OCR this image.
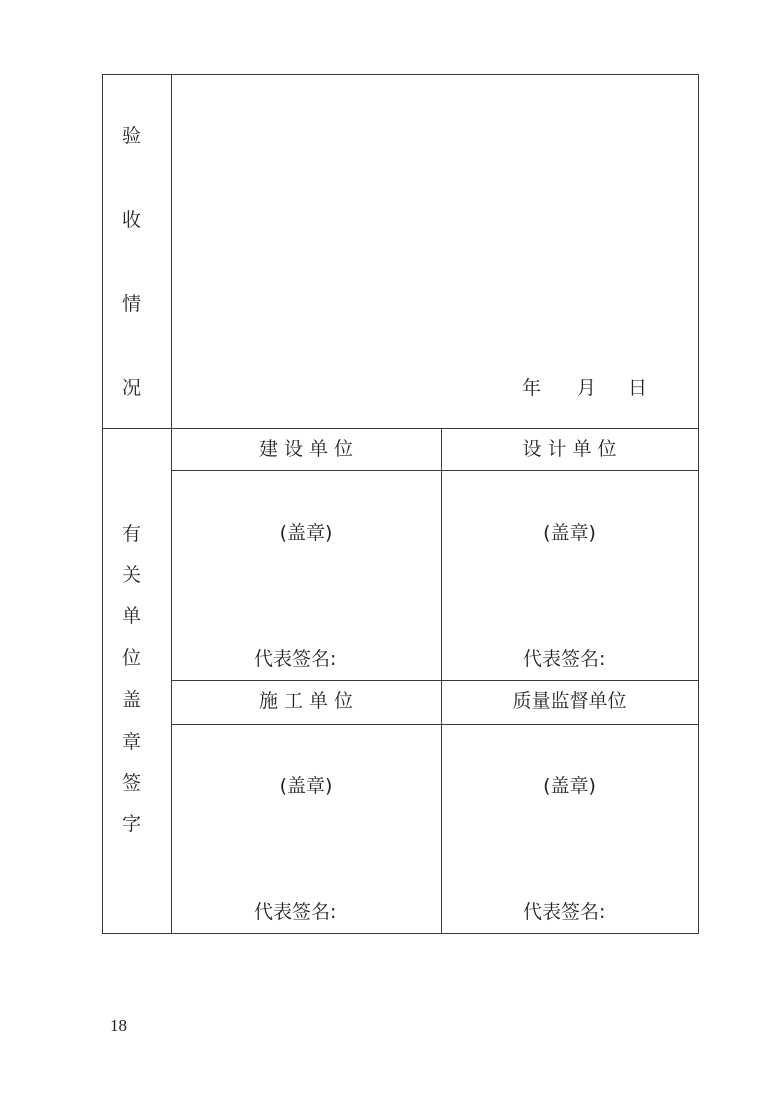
验
收
情
况	年 月 日
有
关
单
位
盖
章
签
字
建 设 单 位
(盖章)
代表签名:
设 计 单 位
(盖章)
代表签名:
施 工 单 位
(盖章)
代表签名:
质量监督单位
(盖章)
代表签名:
18
